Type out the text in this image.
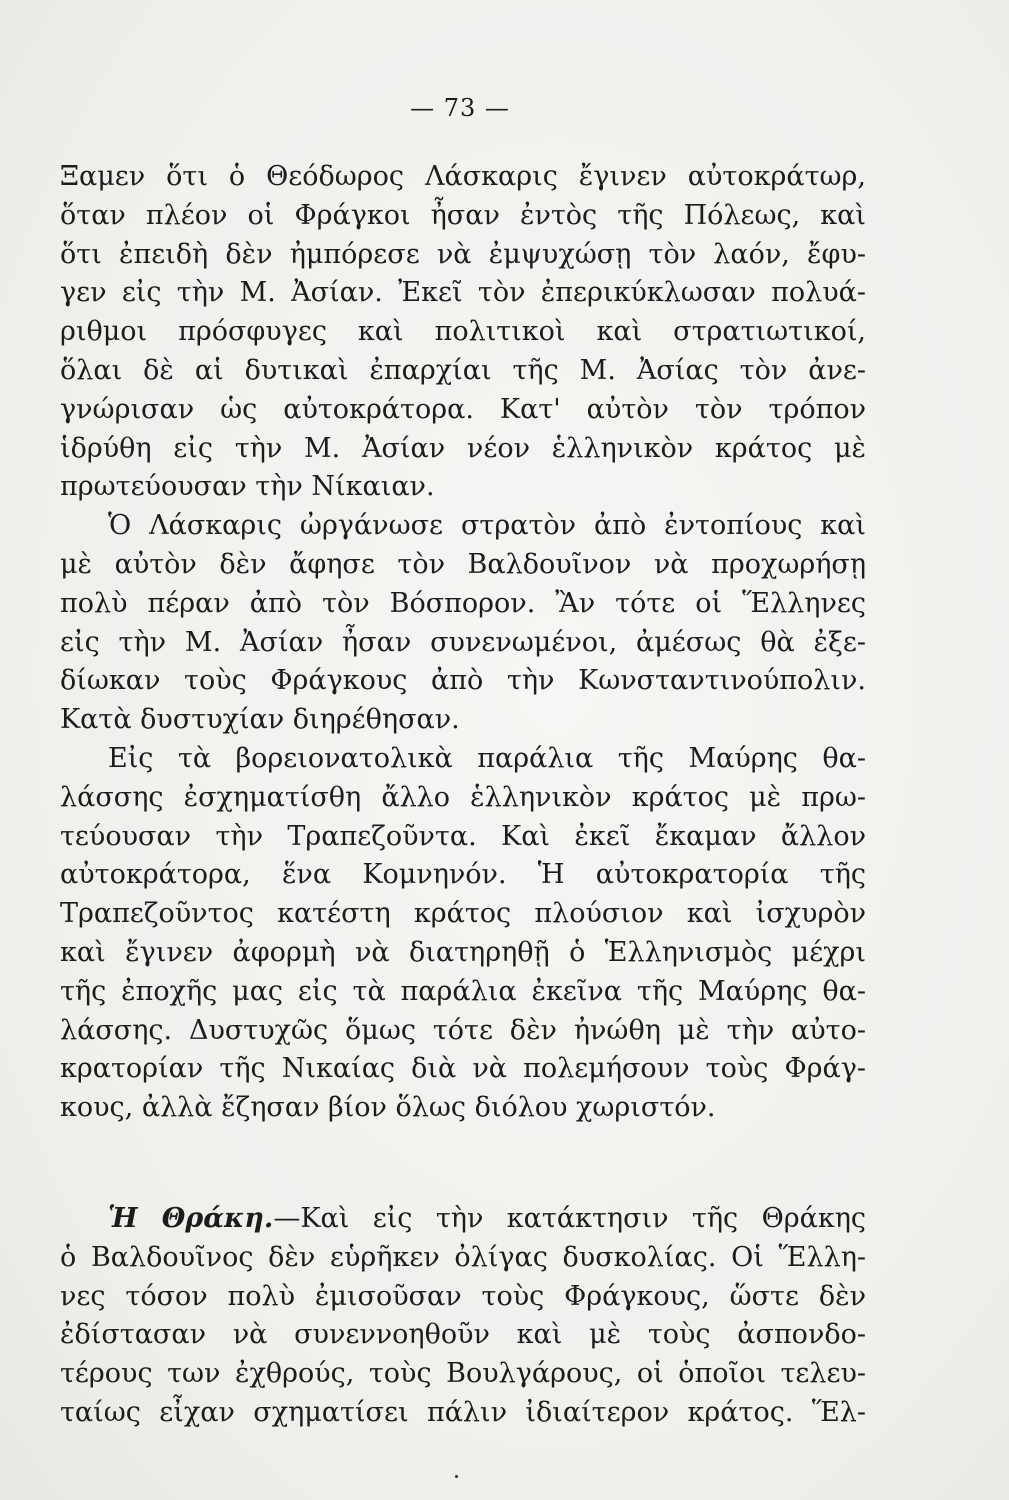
— 73 —
Ξαμεν ὅτι ὁ Θεόδωρος Λάσκαρις ἔγινεν αὐτοκράτωρ,
ὅταν πλέον οἱ Φράγκοι ἦσαν ἐντὸς τῆς Πόλεως, καὶ
ὅτι ἐπειδὴ δὲν ἠμπόρεσε νὰ ἐμψυχώσῃ τὸν λαόν, ἔφυ-
γεν εἰς τὴν Μ. Ἀσίαν. Ἐκεῖ τὸν ἐπερικύκλωσαν πολυά-
ριθμοι πρόσφυγες καὶ πολιτικοὶ καὶ στρατιωτικοί,
ὅλαι δὲ αἱ δυτικαὶ ἐπαρχίαι τῆς Μ. Ἀσίας τὸν ἀνε-
γνώρισαν ὡς αὐτοκράτορα. Κατ' αὐτὸν τὸν τρόπον
ἱδρύθη εἰς τὴν Μ. Ἀσίαν νέον ἑλληνικὸν κράτος μὲ
πρωτεύουσαν τὴν Νίκαιαν.
Ὁ Λάσκαρις ὠργάνωσε στρατὸν ἀπὸ ἐντοπίους καὶ
μὲ αὐτὸν δὲν ἄφησε τὸν Βαλδουῖνον νὰ προχωρήσῃ
πολὺ πέραν ἀπὸ τὸν Βόσπορον. Ἂν τότε οἱ Ἕλληνες
εἰς τὴν Μ. Ἀσίαν ἦσαν συνενωμένοι, ἀμέσως θὰ ἐξε-
δίωκαν τοὺς Φράγκους ἀπὸ τὴν Κωνσταντινούπολιν.
Κατὰ δυστυχίαν διηρέθησαν.
Εἰς τὰ βορειονατολικὰ παράλια τῆς Μαύρης θα-
λάσσης ἐσχηματίσθη ἄλλο ἑλληνικὸν κράτος μὲ πρω-
τεύουσαν τὴν Τραπεζοῦντα. Καὶ ἐκεῖ ἔκαμαν ἄλλον
αὐτοκράτορα, ἕνα Κομνηνόν. Ἡ αὐτοκρατορία τῆς
Τραπεζοῦντος κατέστη κράτος πλούσιον καὶ ἰσχυρὸν
καὶ ἔγινεν ἀφορμὴ νὰ διατηρηθῇ ὁ Ἑλληνισμὸς μέχρι
τῆς ἐποχῆς μας εἰς τὰ παράλια ἐκεῖνα τῆς Μαύρης θα-
λάσσης. Δυστυχῶς ὅμως τότε δὲν ἠνώθη μὲ τὴν αὐτο-
κρατορίαν τῆς Νικαίας διὰ νὰ πολεμήσουν τοὺς Φράγ-
κους, ἀλλὰ ἔζησαν βίον ὅλως διόλου χωριστόν.
Ἡ Θράκη.—Καὶ εἰς τὴν κατάκτησιν τῆς Θράκης
ὁ Βαλδουῖνος δὲν εὑρῆκεν ὀλίγας δυσκολίας. Οἱ Ἕλλη-
νες τόσον πολὺ ἐμισοῦσαν τοὺς Φράγκους, ὥστε δὲν
ἐδίστασαν νὰ συνεννοηθοῦν καὶ μὲ τοὺς ἀσπονδο-
τέρους των ἐχθρούς, τοὺς Βουλγάρους, οἱ ὁποῖοι τελευ-
ταίως εἶχαν σχηματίσει πάλιν ἰδιαίτερον κράτος. Ἕλ-
